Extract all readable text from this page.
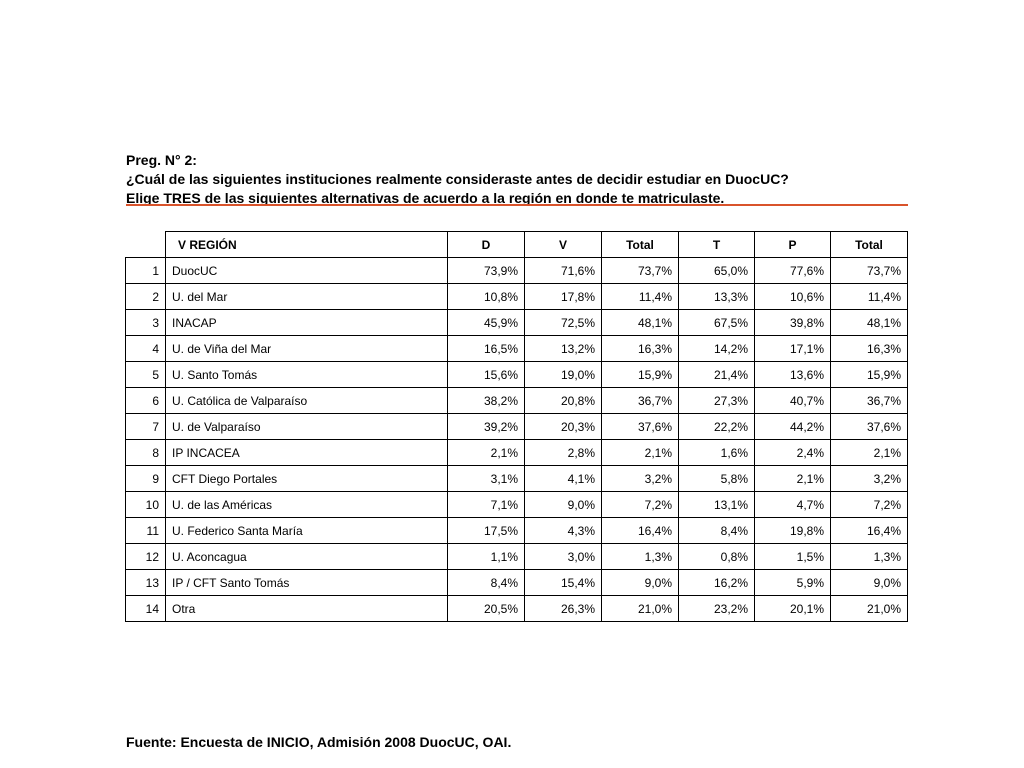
Preg. N° 2:
¿Cuál de las siguientes instituciones realmente consideraste antes de decidir estudiar en DuocUC?
Elige TRES de las siguientes alternativas de acuerdo a la región en donde te matriculaste.
	V REGIÓN	D	V	Total	T	P	Total
1	DuocUC	73,9%	71,6%	73,7%	65,0%	77,6%	73,7%
2	U. del Mar	10,8%	17,8%	11,4%	13,3%	10,6%	11,4%
3	INACAP	45,9%	72,5%	48,1%	67,5%	39,8%	48,1%
4	U. de Viña del Mar	16,5%	13,2%	16,3%	14,2%	17,1%	16,3%
5	U. Santo Tomás	15,6%	19,0%	15,9%	21,4%	13,6%	15,9%
6	U. Católica de Valparaíso	38,2%	20,8%	36,7%	27,3%	40,7%	36,7%
7	U. de Valparaíso	39,2%	20,3%	37,6%	22,2%	44,2%	37,6%
8	IP INCACEA	2,1%	2,8%	2,1%	1,6%	2,4%	2,1%
9	CFT Diego Portales	3,1%	4,1%	3,2%	5,8%	2,1%	3,2%
10	U. de las Américas	7,1%	9,0%	7,2%	13,1%	4,7%	7,2%
11	U. Federico Santa María	17,5%	4,3%	16,4%	8,4%	19,8%	16,4%
12	U. Aconcagua	1,1%	3,0%	1,3%	0,8%	1,5%	1,3%
13	IP / CFT Santo Tomás	8,4%	15,4%	9,0%	16,2%	5,9%	9,0%
14	Otra	20,5%	26,3%	21,0%	23,2%	20,1%	21,0%
Fuente: Encuesta de INICIO, Admisión 2008 DuocUC, OAI.
